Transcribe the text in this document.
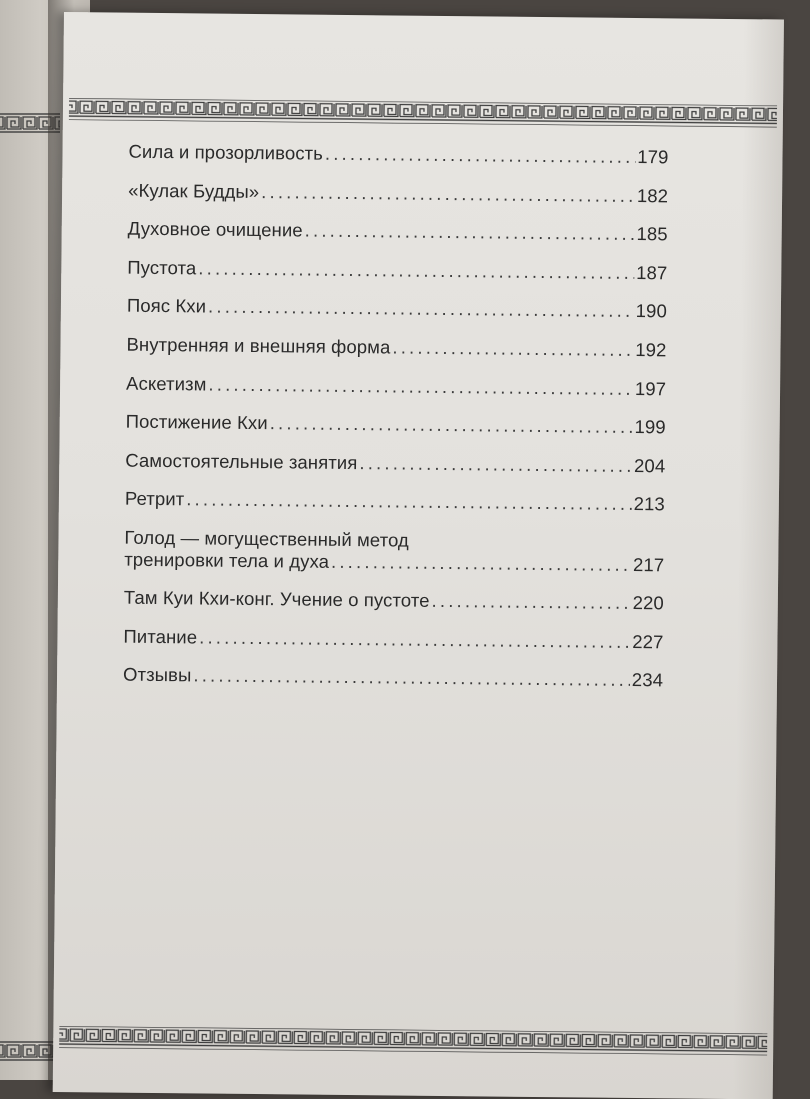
Сила и прозорливость .....	179
«Кулак Будды» .....	182
Духовное очищение .....	185
Пустота .....	187
Пояс Кхи .....	190
Внутренняя и внешняя форма .....	192
Аскетизм .....	197
Постижение Кхи .....	199
Самостоятельные занятия .....	204
Ретрит .....	213
Голод — могущественный метод
тренировки тела и духа .....	217
Там Куи Кхи-конг. Учение о пустоте .....	220
Питание .....	227
Отзывы .....	234
